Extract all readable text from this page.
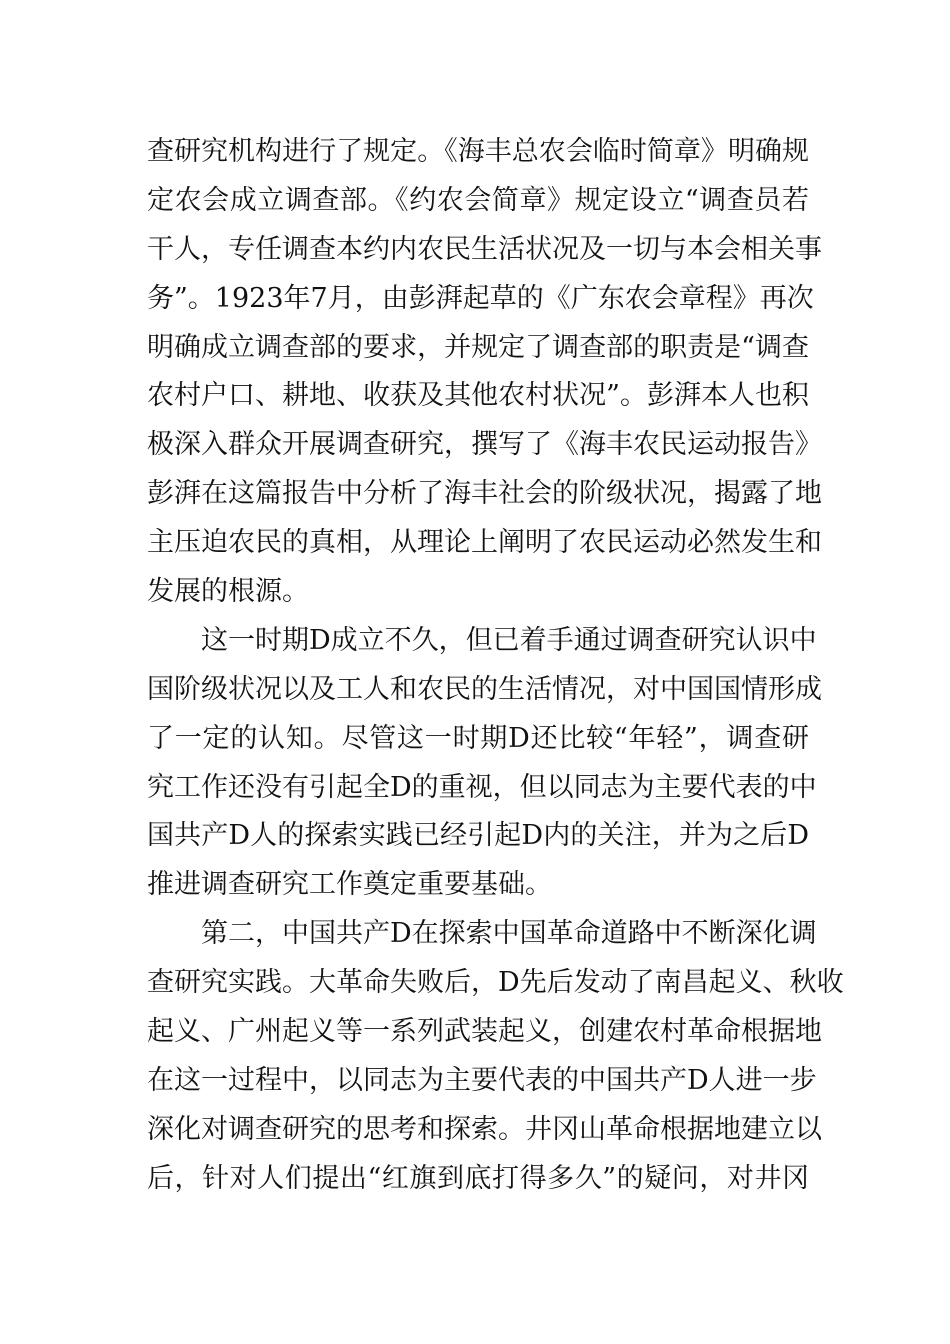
查研究机构进行了规定。《海丰总农会临时简章》明确规
定农会成立调查部。《约农会简章》规定设立“调查员若
干人，专任调查本约内农民生活状况及一切与本会相关事
务”。1923年7月，由彭湃起草的《广东农会章程》再次
明确成立调查部的要求，并规定了调查部的职责是“调查
农村户口、耕地、收获及其他农村状况”。彭湃本人也积
极深入群众开展调查研究，撰写了《海丰农民运动报告》
彭湃在这篇报告中分析了海丰社会的阶级状况，揭露了地
主压迫农民的真相，从理论上阐明了农民运动必然发生和
发展的根源。
这一时期D成立不久，但已着手通过调查研究认识中
国阶级状况以及工人和农民的生活情况，对中国国情形成
了一定的认知。尽管这一时期D还比较“年轻”，调查研
究工作还没有引起全D的重视，但以同志为主要代表的中
国共产D人的探索实践已经引起D内的关注，并为之后D
推进调查研究工作奠定重要基础。
第二，中国共产D在探索中国革命道路中不断深化调
查研究实践。大革命失败后，D先后发动了南昌起义、秋收
起义、广州起义等一系列武装起义，创建农村革命根据地
在这一过程中，以同志为主要代表的中国共产D人进一步
深化对调查研究的思考和探索。井冈山革命根据地建立以
后，针对人们提出“红旗到底打得多久”的疑问，对井冈
